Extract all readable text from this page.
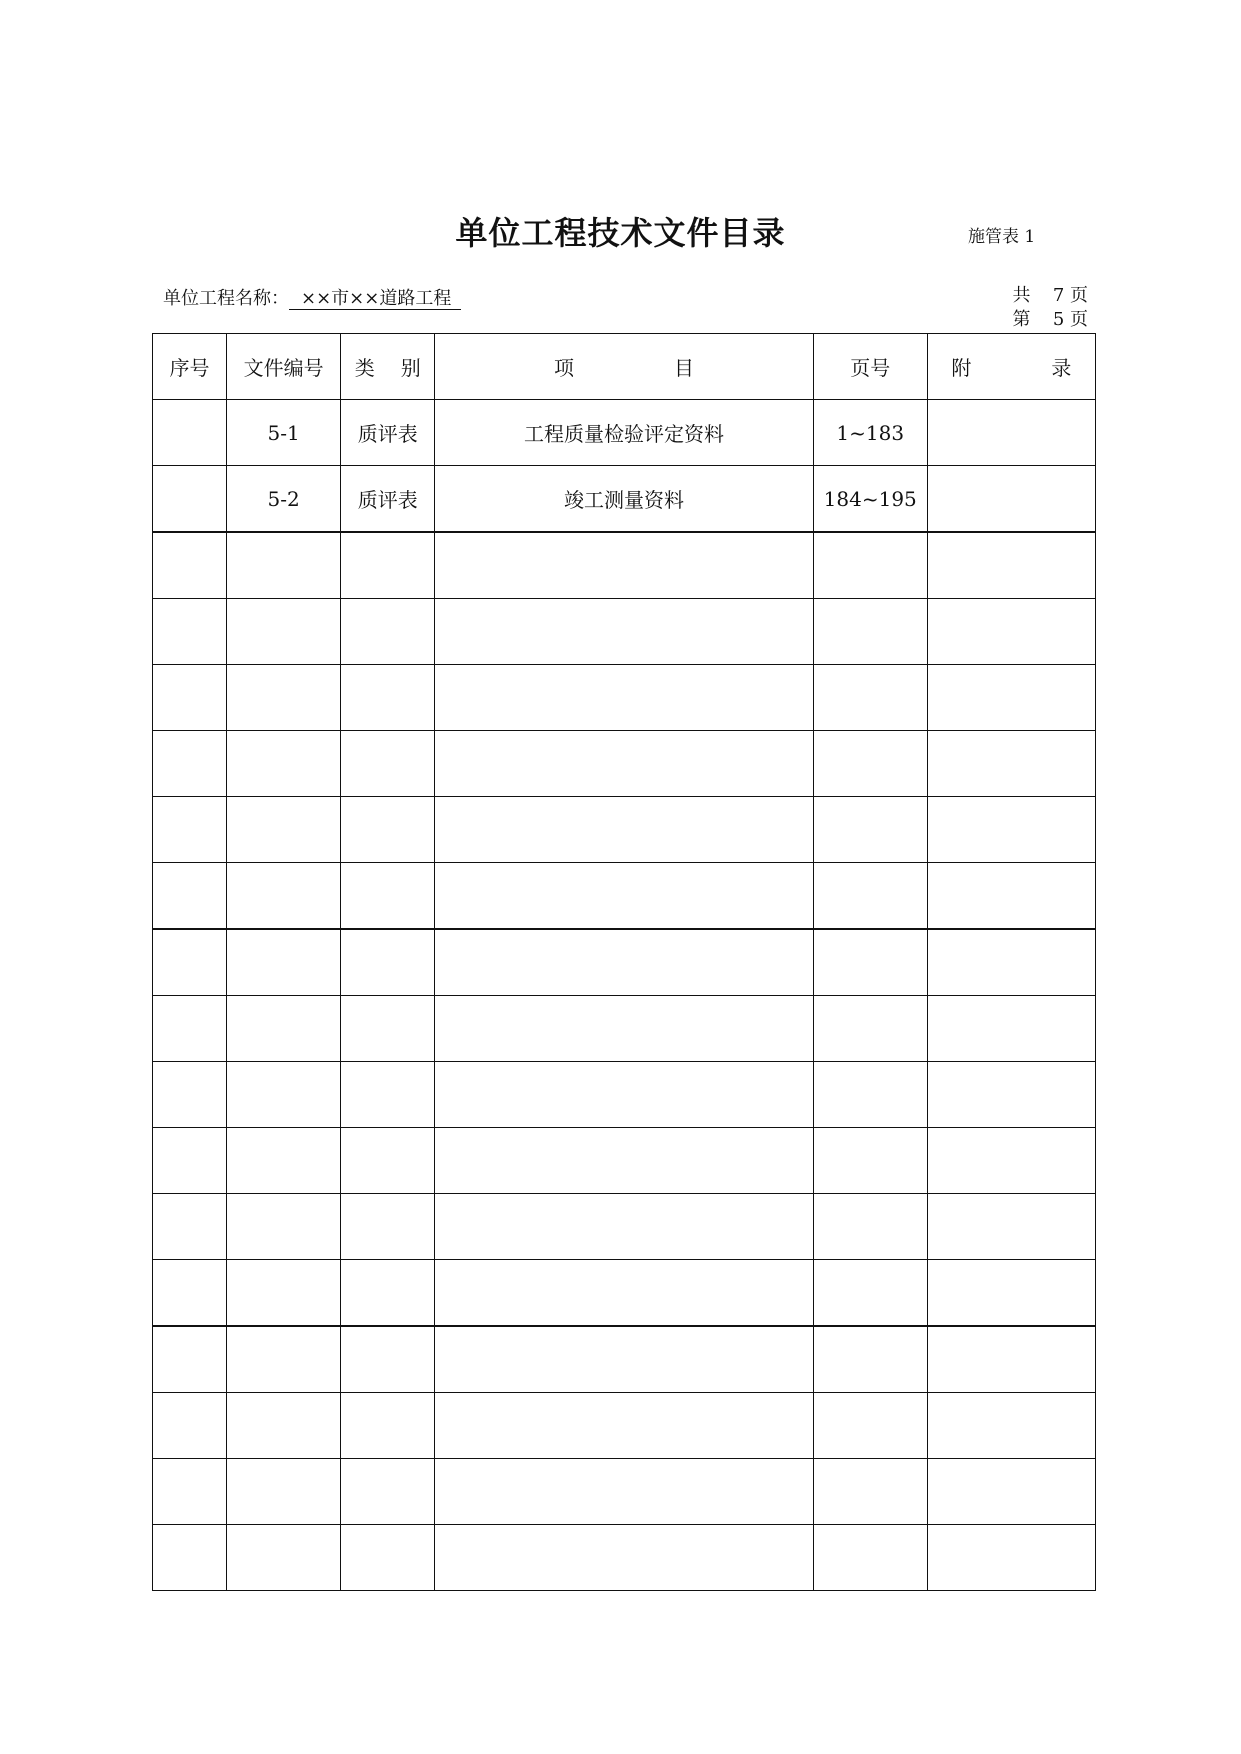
单位工程技术文件目录	施管表 1
单位工程名称： ××市××道路工程	共 7 页
第 5 页
序号	文件编号	类 别	项 目	页号	附 录
	5-1	质评表	工程质量检验评定资料	1~183	
	5-2	质评表	竣工测量资料	184~195	
